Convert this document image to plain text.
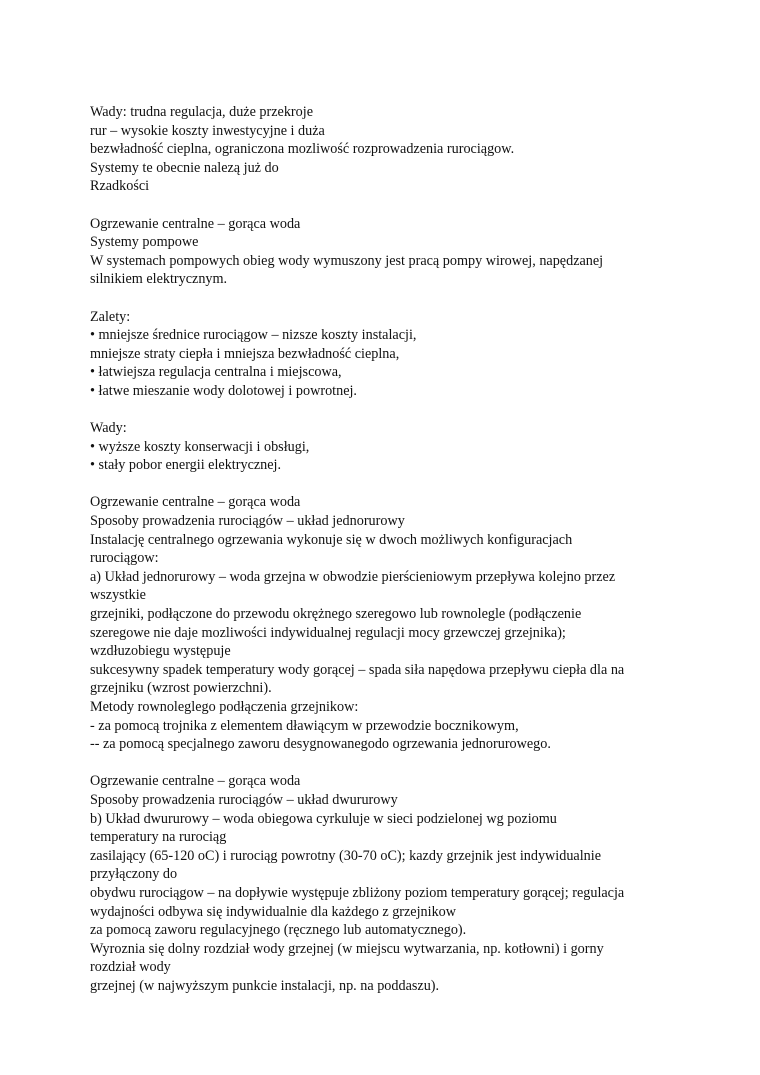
Wady: trudna regulacja, duże przekroje
rur – wysokie koszty inwestycyjne i duża
bezwładność cieplna, ograniczona mozliwość rozprowadzenia rurociągow.
Systemy te obecnie nalezą już do
Rzadkości
Ogrzewanie centralne – gorąca woda
Systemy pompowe
W systemach pompowych obieg wody wymuszony jest pracą pompy wirowej, napędzanej
silnikiem elektrycznym.
Zalety:
• mniejsze średnice rurociągow – nizsze koszty instalacji,
mniejsze straty ciepła i mniejsza bezwładność cieplna,
• łatwiejsza regulacja centralna i miejscowa,
• łatwe mieszanie wody dolotowej i powrotnej.
Wady:
• wyższe koszty konserwacji i obsługi,
• stały pobor energii elektrycznej.
Ogrzewanie centralne – gorąca woda
Sposoby prowadzenia rurociągów – układ jednorurowy
Instalację centralnego ogrzewania wykonuje się w dwoch możliwych konfiguracjach
rurociągow:
a) Układ jednorurowy – woda grzejna w obwodzie pierścieniowym przepływa kolejno przez
wszystkie
grzejniki, podłączone do przewodu okrężnego szeregowo lub rownolegle (podłączenie
szeregowe nie daje mozliwości indywidualnej regulacji mocy grzewczej grzejnika);
wzdłuzobiegu występuje
sukcesywny spadek temperatury wody gorącej – spada siła napędowa przepływu ciepła dla na
grzejniku (wzrost powierzchni).
Metody rownoleglego podłączenia grzejnikow:
- za pomocą trojnika z elementem dławiącym w przewodzie bocznikowym,
-- za pomocą specjalnego zaworu desygnowanegodo ogrzewania jednorurowego.
Ogrzewanie centralne – gorąca woda
Sposoby prowadzenia rurociągów – układ dwururowy
b) Układ dwururowy – woda obiegowa cyrkuluje w sieci podzielonej wg poziomu
temperatury na rurociąg
zasilający (65-120 oC) i rurociąg powrotny (30-70 oC); kazdy grzejnik jest indywidualnie
przyłączony do
obydwu rurociągow – na dopływie występuje zbliżony poziom temperatury gorącej; regulacja
wydajności odbywa się indywidualnie dla każdego z grzejnikow
za pomocą zaworu regulacyjnego (ręcznego lub automatycznego).
Wyroznia się dolny rozdział wody grzejnej (w miejscu wytwarzania, np. kotłowni) i gorny
rozdział wody
grzejnej (w najwyższym punkcie instalacji, np. na poddaszu).
